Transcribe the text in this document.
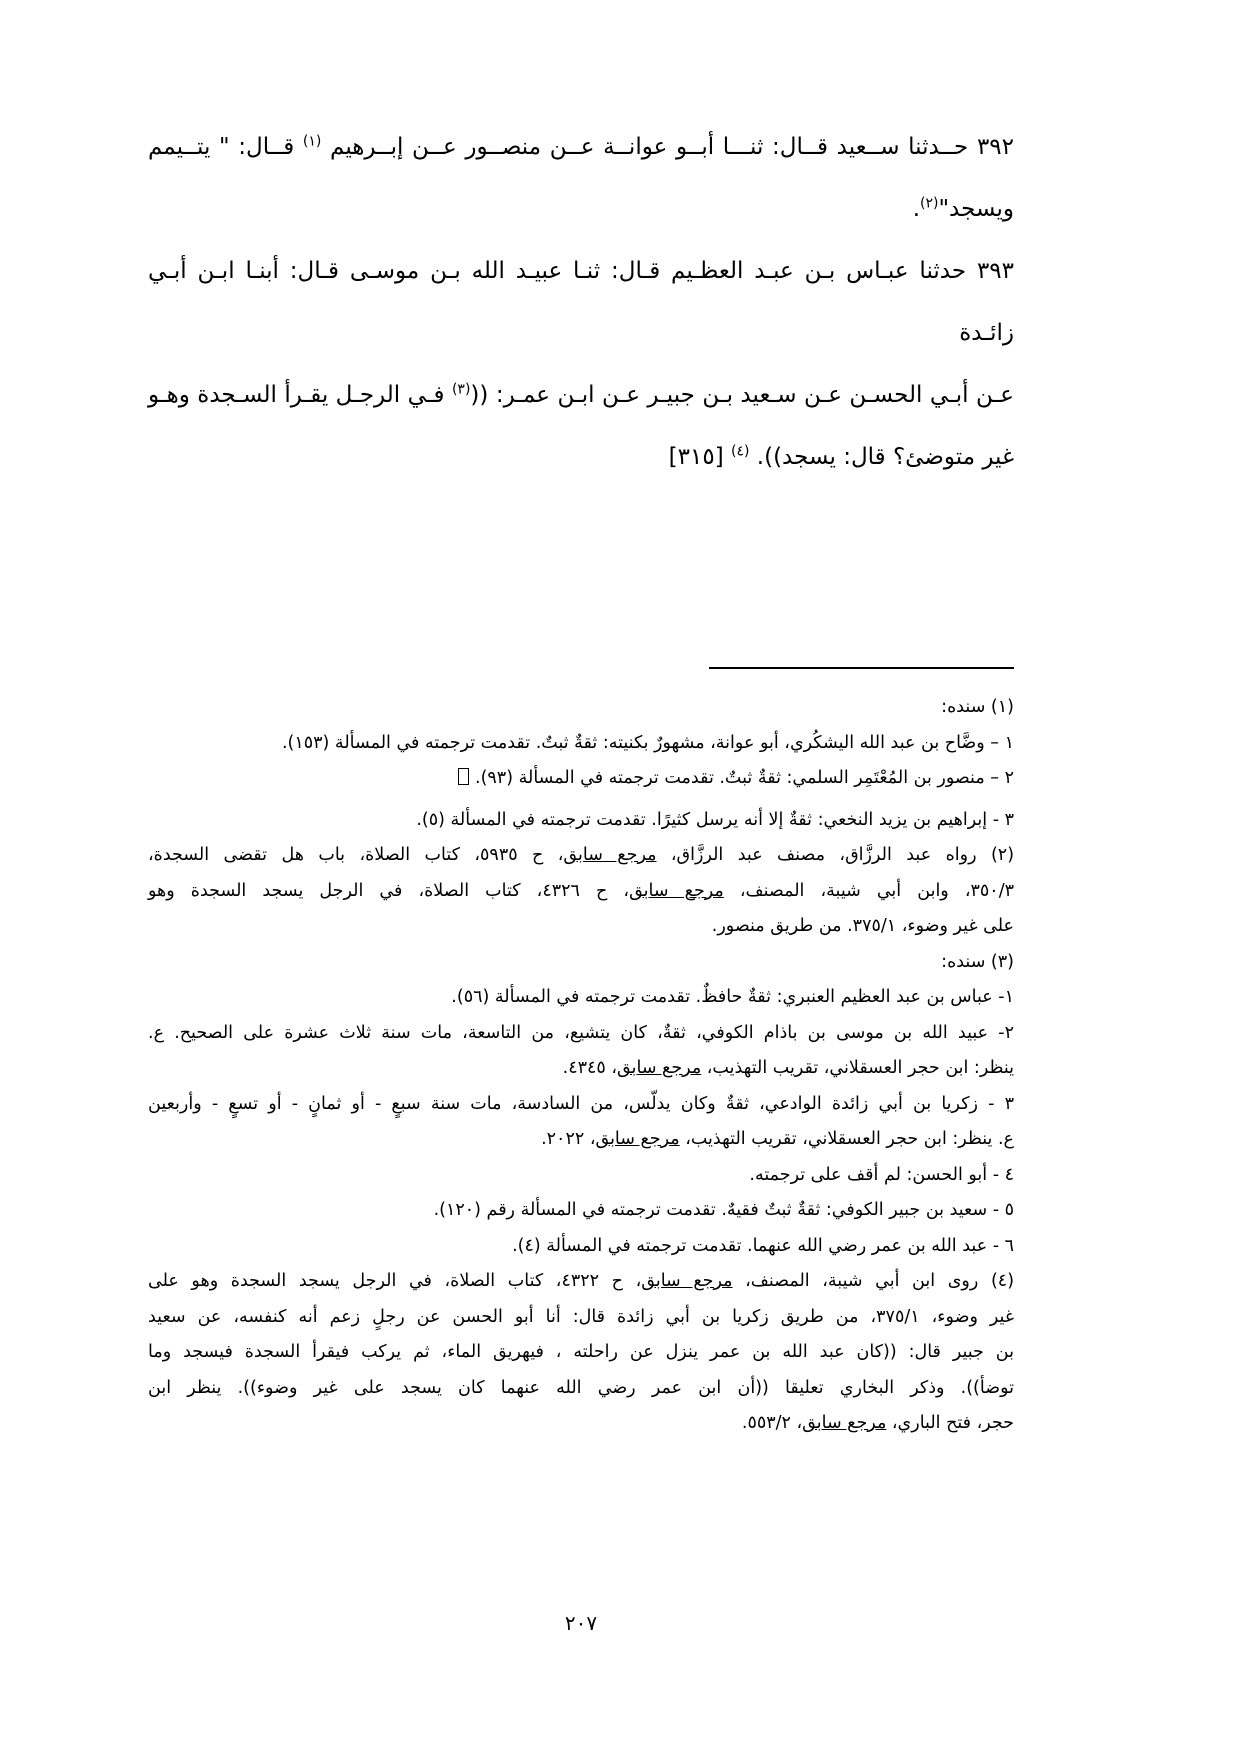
٣٩٢ حــدثنا ســعيد قــال: ثنـــا أبــو عوانــة عــن منصــور عــن إبــرهيم $^{(١)}$ قــال: " يتــيمم

ويسجد"$^{(٢)}$.

٣٩٣ حدثنا عبـاس بـن عبـد العظـيم قـال: ثنـا عبيـد الله بـن موسـى قـال: أبنـا ابـن أبـي زائـدة

عـن أبـي الحسـن عـن سـعيد بـن جبيـر عـن ابـن عمـر: (($^{(٣)}$ فـي الرجـل يقـرأ السـجدة وهـو

غير متوضئ؟ قال: يسجد)). $^{(٤)}$ [٣١٥]

(١) سنده:

١ – وضَّاح بن عبد الله اليشكُري، أبو عوانة، مشهورٌ بكنيته: ثقةٌ ثبتٌ. تقدمت ترجمته في المسألة (١٥٣).

٢ – منصور بن المُعْتَمِر السلمي: ثقةٌ ثبتٌ. تقدمت ترجمته في المسألة (٩٣).

٣ - إبراهيم بن يزيد النخعي: ثقةٌ إلا أنه يرسل كثيرًا. تقدمت ترجمته في المسألة (٥).

(٢) رواه عبد الرزَّاق، مصنف عبد الرزَّاق، مرجع سابق، ح ٥٩٣٥، كتاب الصلاة، باب هل تقضى السجدة،

٣٥٠/٣، وابن أبي شيبة، المصنف، مرجع سابق، ح ٤٣٢٦، كتاب الصلاة، في الرجل يسجد السجدة وهو

على غير وضوء، ٣٧٥/١. من طريق منصور.

(٣) سنده:

١- عباس بن عبد العظيم العنبري: ثقةٌ حافظٌ. تقدمت ترجمته في المسألة (٥٦).

٢- عبيد الله بن موسى بن باذام الكوفي، ثقةٌ، كان يتشيع، من التاسعة، مات سنة ثلاث عشرة على الصحيح. ع.

ينظر: ابن حجر العسقلاني، تقريب التهذيب، مرجع سابق، ٤٣٤٥.

٣ - زكريا بن أبي زائدة الوادعي، ثقةٌ وكان يدلّس، من السادسة، مات سنة سبعٍ - أو ثمانٍ - أو تسعٍ - وأربعين

ع. ينظر: ابن حجر العسقلاني، تقريب التهذيب، مرجع سابق، ٢٠٢٢.

٤ - أبو الحسن: لم أقف على ترجمته.

٥ - سعيد بن جبير الكوفي: ثقةٌ ثبتٌ فقيهٌ. تقدمت ترجمته في المسألة رقم (١٢٠).

٦ - عبد الله بن عمر رضي الله عنهما. تقدمت ترجمته في المسألة (٤).

(٤) روى ابن أبي شيبة، المصنف، مرجع سابق، ح ٤٣٢٢، كتاب الصلاة، في الرجل يسجد السجدة وهو على

غير وضوء، ٣٧٥/١، من طريق زكريا بن أبي زائدة قال: أنا أبو الحسن عن رجلٍ زعم أنه كنفسه، عن سعيد

بن جبير قال: ((كان عبد الله بن عمر ينزل عن راحلته ، فيهريق الماء، ثم يركب فيقرأ السجدة فيسجد وما

توضأ)). وذكر البخاري تعليقا ((أن ابن عمر رضي الله عنهما كان يسجد على غير وضوء)). ينظر ابن

حجر، فتح الباري، مرجع سابق، ٥٥٣/٢.

٢٠٧
